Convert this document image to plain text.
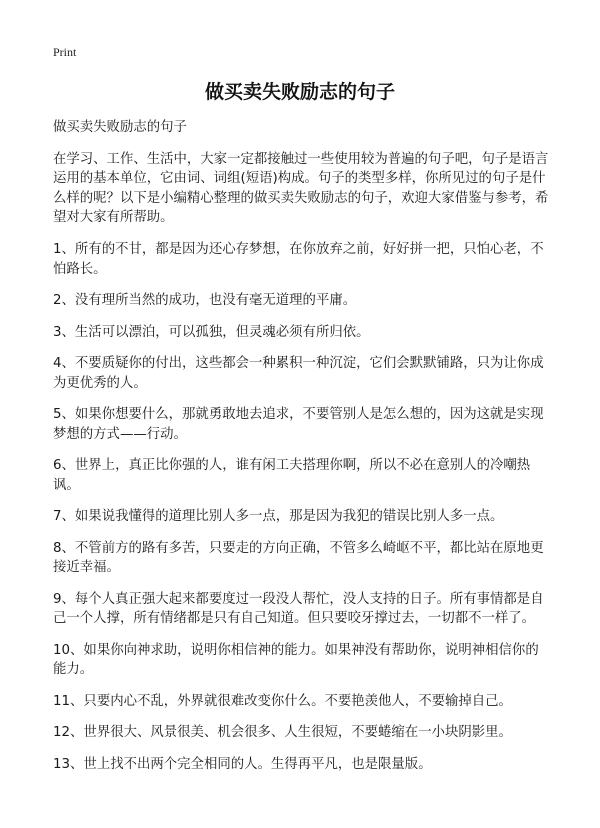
Print
做买卖失败励志的句子
做买卖失败励志的句子
在学习、工作、生活中，大家一定都接触过一些使用较为普遍的句子吧，句子是语言运用的基本单位，它由词、词组(短语)构成。句子的类型多样，你所见过的句子是什么样的呢？以下是小编精心整理的做买卖失败励志的句子，欢迎大家借鉴与参考，希望对大家有所帮助。
1、所有的不甘，都是因为还心存梦想，在你放弃之前，好好拼一把，只怕心老，不怕路长。
2、没有理所当然的成功，也没有毫无道理的平庸。
3、生活可以漂泊，可以孤独，但灵魂必须有所归依。
4、不要质疑你的付出，这些都会一种累积一种沉淀，它们会默默铺路，只为让你成为更优秀的人。
5、如果你想要什么，那就勇敢地去追求，不要管别人是怎么想的，因为这就是实现梦想的方式——行动。
6、世界上，真正比你强的人，谁有闲工夫搭理你啊，所以不必在意别人的冷嘲热讽。
7、如果说我懂得的道理比别人多一点，那是因为我犯的错误比别人多一点。
8、不管前方的路有多苦，只要走的方向正确，不管多么崎岖不平，都比站在原地更接近幸福。
9、每个人真正强大起来都要度过一段没人帮忙，没人支持的日子。所有事情都是自己一个人撑，所有情绪都是只有自己知道。但只要咬牙撑过去，一切都不一样了。
10、如果你向神求助，说明你相信神的能力。如果神没有帮助你，说明神相信你的能力。
11、只要内心不乱，外界就很难改变你什么。不要艳羡他人，不要输掉自己。
12、世界很大、风景很美、机会很多、人生很短，不要蜷缩在一小块阴影里。
13、世上找不出两个完全相同的人。生得再平凡，也是限量版。
